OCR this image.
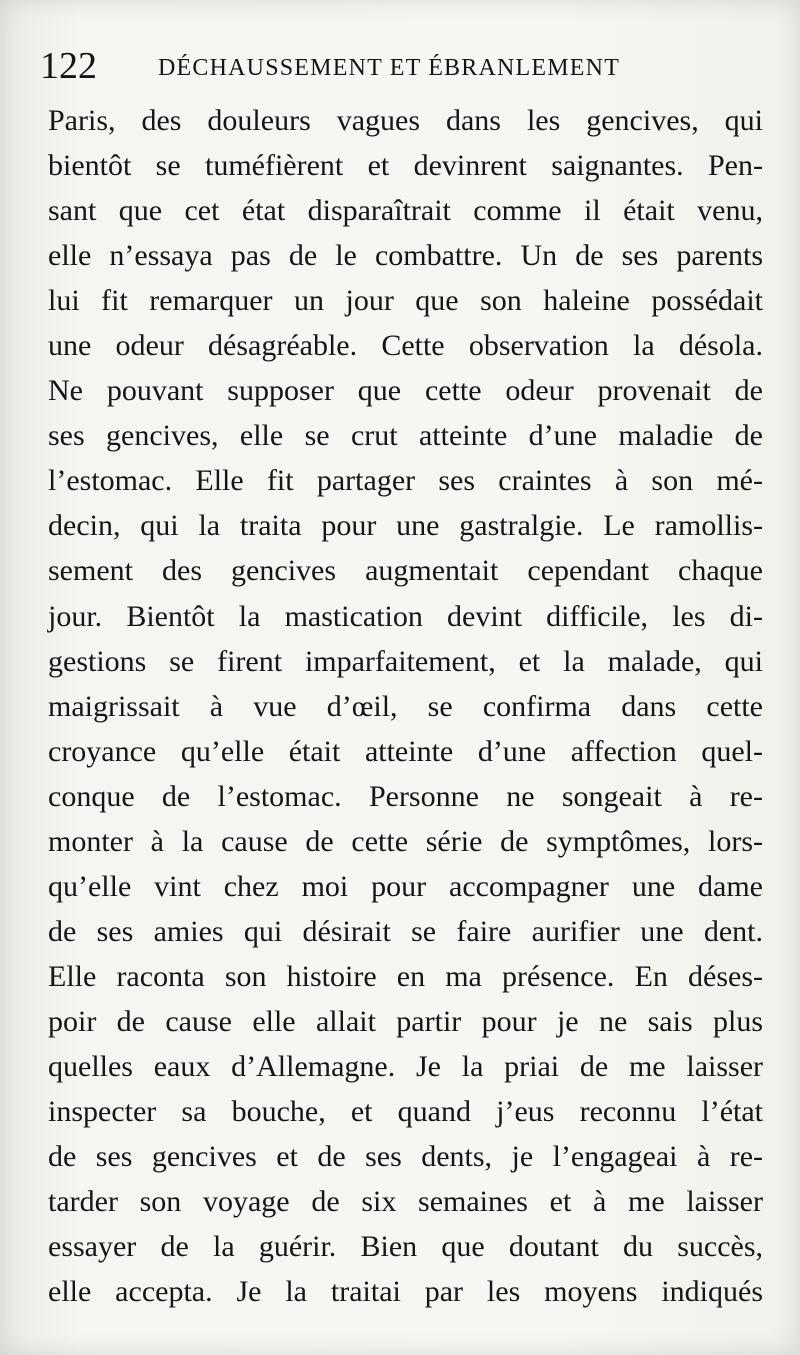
122	DÉCHAUSSEMENT ET ÉBRANLEMENT
Paris, des douleurs vagues dans les gencives, qui
bientôt se tuméfièrent et devinrent saignantes. Pen-
sant que cet état disparaîtrait comme il était venu,
elle n’essaya pas de le combattre. Un de ses parents
lui fit remarquer un jour que son haleine possédait
une odeur désagréable. Cette observation la désola.
Ne pouvant supposer que cette odeur provenait de
ses gencives, elle se crut atteinte d’une maladie de
l’estomac. Elle fit partager ses craintes à son mé-
decin, qui la traita pour une gastralgie. Le ramollis-
sement des gencives augmentait cependant chaque
jour. Bientôt la mastication devint difficile, les di-
gestions se firent imparfaitement, et la malade, qui
maigrissait à vue d’œil, se confirma dans cette
croyance qu’elle était atteinte d’une affection quel-
conque de l’estomac. Personne ne songeait à re-
monter à la cause de cette série de symptômes, lors-
qu’elle vint chez moi pour accompagner une dame
de ses amies qui désirait se faire aurifier une dent.
Elle raconta son histoire en ma présence. En déses-
poir de cause elle allait partir pour je ne sais plus
quelles eaux d’Allemagne. Je la priai de me laisser
inspecter sa bouche, et quand j’eus reconnu l’état
de ses gencives et de ses dents, je l’engageai à re-
tarder son voyage de six semaines et à me laisser
essayer de la guérir. Bien que doutant du succès,
elle accepta. Je la traitai par les moyens indiqués
